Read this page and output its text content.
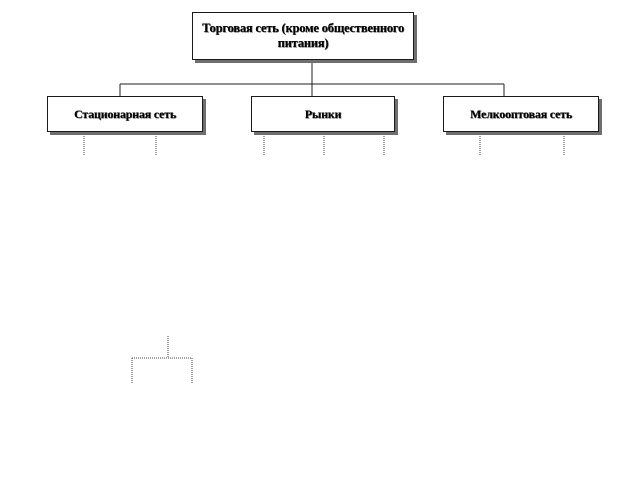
Торговая сеть (кроме общественного питания)
Стационарная сеть	Рынки	Мелкооптовая сеть
